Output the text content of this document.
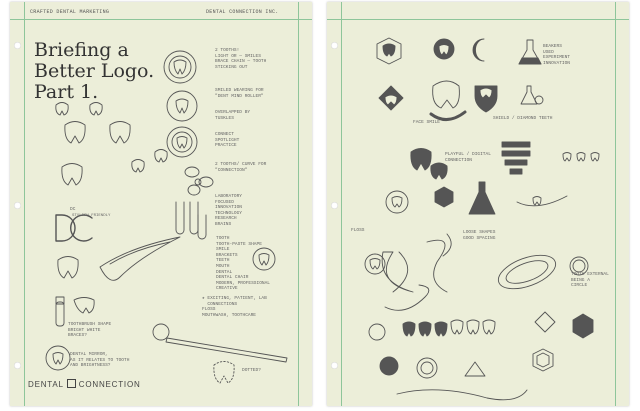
CRAFTED DENTAL MARKETING	DENTAL CONNECTION INC.
Briefing a
Better Logo.
Part 1.
2 TOOTHS!
LIGHT OR — SMILES
BRACE CHAIN — TOOTH
STICKING OUT
SMILED WEARING FOR
"DENT MIND ROLLER"
OVERLAPPED BY
TUSKLES
CONNECT
SPOTLIGHT
PRACTICE
2 TOOTHS/ CURVE FOR
"CONNECTION"
LABORATORY
FOCUSED
INNOVATION
TECHNOLOGY
RESEARCH
BRAINS
TOOTH
TOOTH-PASTE SHAPE
SMILE
BRACKETS
TEETH
MOUTH
DENTAL
DENTAL CHAIR
MODERN, PROFESSIONAL
CREATIVE
★ EXCITING, PATIENT, LAB
CONNECTIONS
FLOSS
MOUTHWASH, TOOTHCARE
TOOTHBRUSH SHAPE
BRIGHT WHITE
BRACES?
DENTAL MIRROR,
AS IT RELATES TO TOOTH
AND BRIGHTNESS?
DC
DOTTED?
STYLISH FRIENDLY
DENTAL CONNECTION
BEAKERS
USED
EXPERIMENT
INNOVATION
FACE SMILE
SHIELD / DIAMOND TEETH
PLAYFUL / DIGITAL
CONNECTION
FLOSS	LOOSE SHAPES
GOOD SPACING
TOOTH EXTERNAL
BEING A
CIRCLE
